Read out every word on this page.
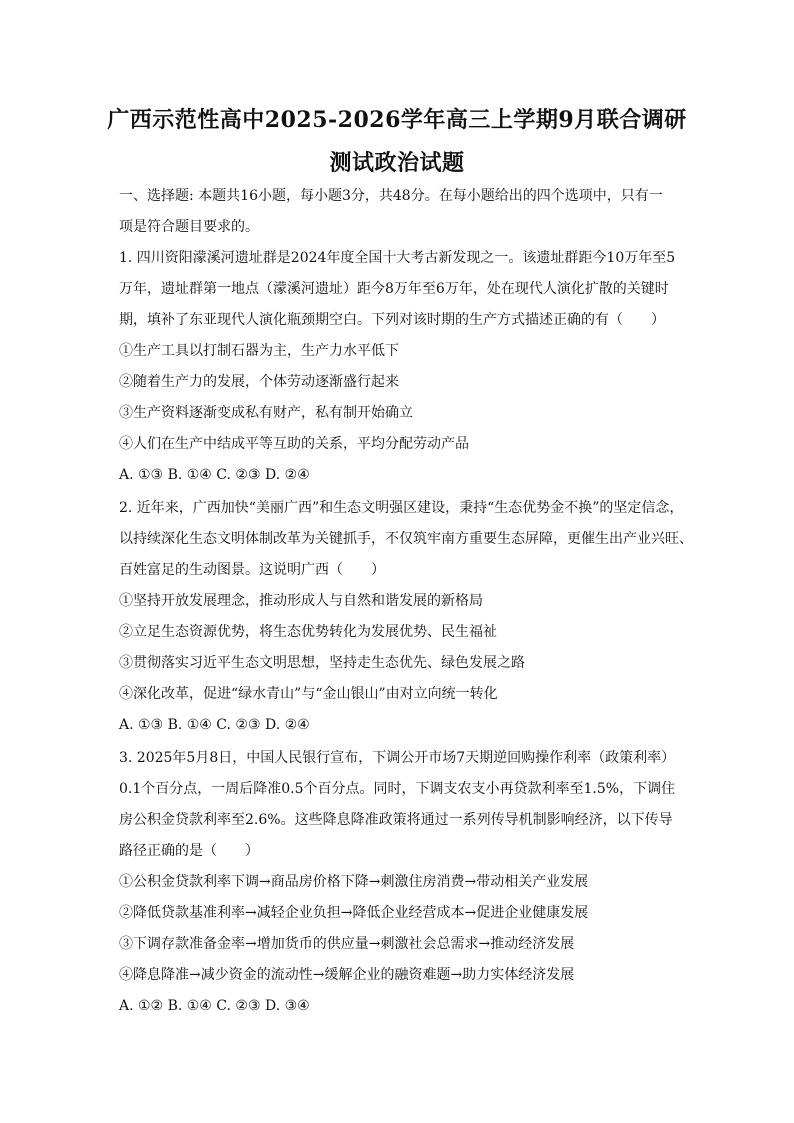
广西示范性高中2025-2026学年高三上学期9月联合调研
测试政治试题
一、选择题: 本题共16小题，每小题3分，共48分。在每小题给出的四个选项中，只有一
项是符合题目要求的。
1. 四川资阳濛溪河遗址群是2024年度全国十大考古新发现之一。该遗址群距今10万年至5
万年，遗址群第一地点（濛溪河遗址）距今8万年至6万年，处在现代人演化扩散的关键时
期，填补了东亚现代人演化瓶颈期空白。下列对该时期的生产方式描述正确的有（　　）
①生产工具以打制石器为主，生产力水平低下
②随着生产力的发展，个体劳动逐渐盛行起来
③生产资料逐渐变成私有财产，私有制开始确立
④人们在生产中结成平等互助的关系，平均分配劳动产品
A. ①③ B. ①④ C. ②③ D. ②④
2. 近年来，广西加快“美丽广西”和生态文明强区建设，秉持“生态优势金不换”的坚定信念，
以持续深化生态文明体制改革为关键抓手，不仅筑牢南方重要生态屏障，更催生出产业兴旺、
百姓富足的生动图景。这说明广西（　　）
①坚持开放发展理念，推动形成人与自然和谐发展的新格局
②立足生态资源优势，将生态优势转化为发展优势、民生福祉
③贯彻落实习近平生态文明思想，坚持走生态优先、绿色发展之路
④深化改革，促进“绿水青山”与“金山银山”由对立向统一转化
A. ①③ B. ①④ C. ②③ D. ②④
3. 2025年5月8日，中国人民银行宣布，下调公开市场7天期逆回购操作利率（政策利率）
0.1个百分点，一周后降准0.5个百分点。同时，下调支农支小再贷款利率至1.5%，下调住
房公积金贷款利率至2.6%。这些降息降准政策将通过一系列传导机制影响经济，以下传导
路径正确的是（　　）
①公积金贷款利率下调→商品房价格下降→刺激住房消费→带动相关产业发展
②降低贷款基准利率→减轻企业负担→降低企业经营成本→促进企业健康发展
③下调存款准备金率→增加货币的供应量→刺激社会总需求→推动经济发展
④降息降准→减少资金的流动性→缓解企业的融资难题→助力实体经济发展
A. ①② B. ①④ C. ②③ D. ③④
